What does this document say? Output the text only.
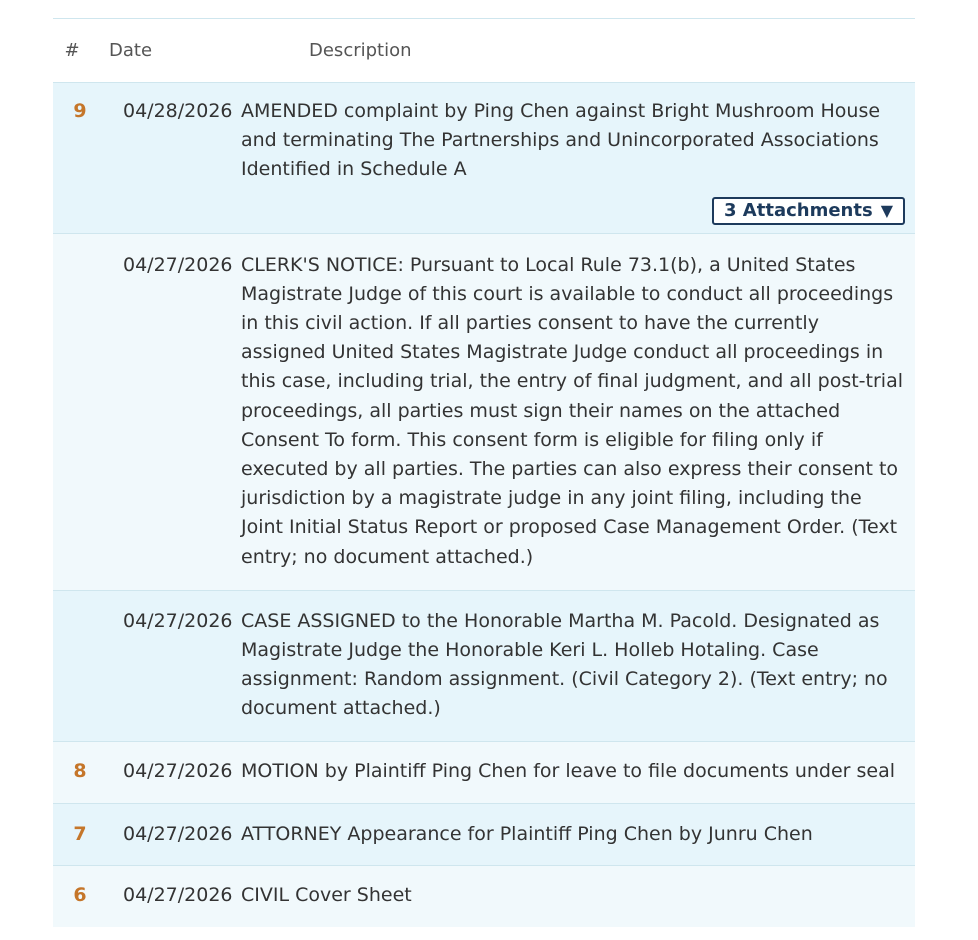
#	Date	Description
9	04/28/2026 AMENDED complaint by Ping Chen against Bright Mushroom House and terminating The Partnerships and Unincorporated Associations Identified in Schedule A

3 Attachments ▼
04/27/2026 CLERK'S NOTICE: Pursuant to Local Rule 73.1(b), a United States Magistrate Judge of this court is available to conduct all proceedings in this civil action. If all parties consent to have the currently assigned United States Magistrate Judge conduct all proceedings in this case, including trial, the entry of final judgment, and all post-trial proceedings, all parties must sign their names on the attached Consent To form. This consent form is eligible for filing only if executed by all parties. The parties can also express their consent to jurisdiction by a magistrate judge in any joint filing, including the Joint Initial Status Report or proposed Case Management Order. (Text entry; no document attached.)
04/27/2026 CASE ASSIGNED to the Honorable Martha M. Pacold. Designated as Magistrate Judge the Honorable Keri L. Holleb Hotaling. Case assignment: Random assignment. (Civil Category 2). (Text entry; no document attached.)
8	04/27/2026 MOTION by Plaintiff Ping Chen for leave to file documents under seal
7	04/27/2026 ATTORNEY Appearance for Plaintiff Ping Chen by Junru Chen
6	04/27/2026 CIVIL Cover Sheet
